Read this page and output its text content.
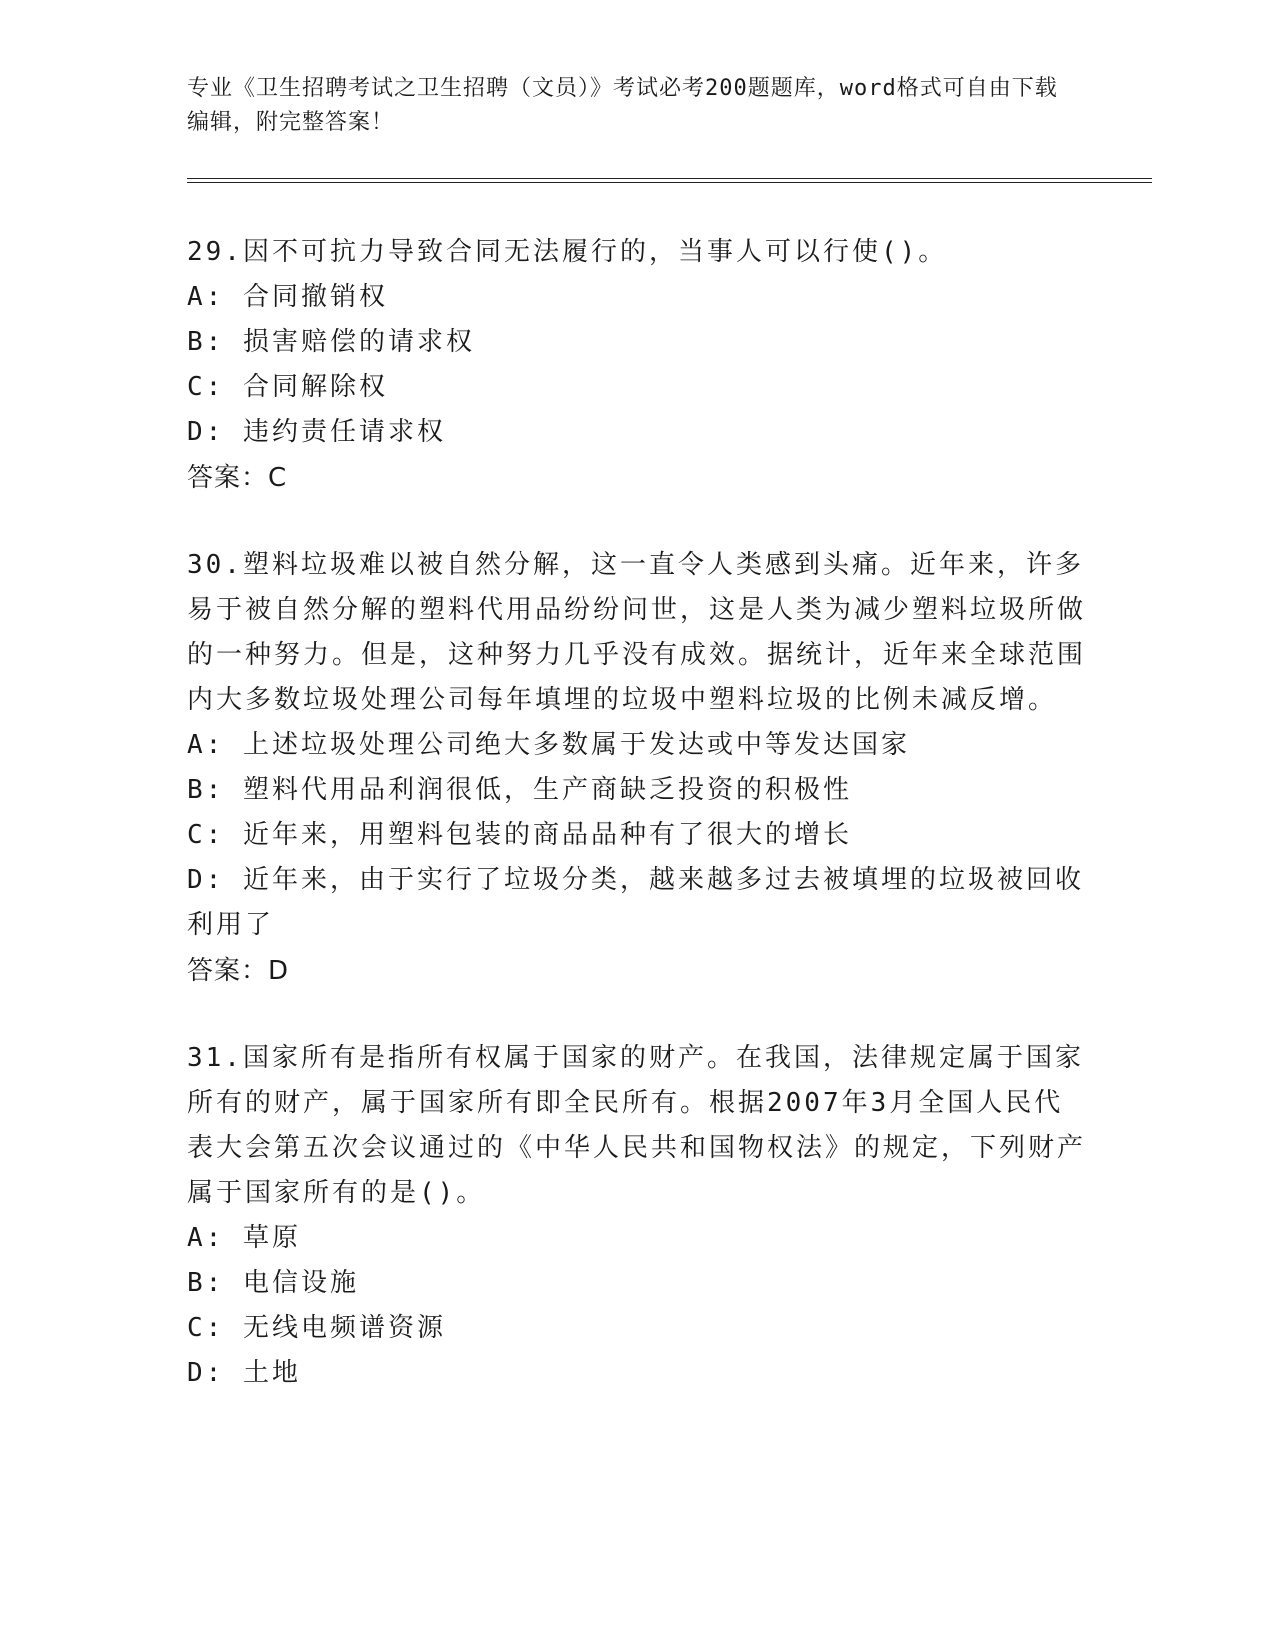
专业《卫生招聘考试之卫生招聘（文员）》考试必考200题题库，word格式可自由下载编辑，附完整答案！
29.因不可抗力导致合同无法履行的，当事人可以行使()。
A: 合同撤销权
B: 损害赔偿的请求权
C: 合同解除权
D: 违约责任请求权
答案：C
30.塑料垃圾难以被自然分解，这一直令人类感到头痛。近年来，许多易于被自然分解的塑料代用品纷纷问世，这是人类为减少塑料垃圾所做的一种努力。但是，这种努力几乎没有成效。据统计，近年来全球范围内大多数垃圾处理公司每年填埋的垃圾中塑料垃圾的比例未减反增。
A: 上述垃圾处理公司绝大多数属于发达或中等发达国家
B: 塑料代用品利润很低，生产商缺乏投资的积极性
C: 近年来，用塑料包装的商品品种有了很大的增长
D: 近年来，由于实行了垃圾分类，越来越多过去被填埋的垃圾被回收利用了
答案：D
31.国家所有是指所有权属于国家的财产。在我国，法律规定属于国家所有的财产，属于国家所有即全民所有。根据2007年3月全国人民代表大会第五次会议通过的《中华人民共和国物权法》的规定，下列财产属于国家所有的是()。
A: 草原
B: 电信设施
C: 无线电频谱资源
D: 土地
